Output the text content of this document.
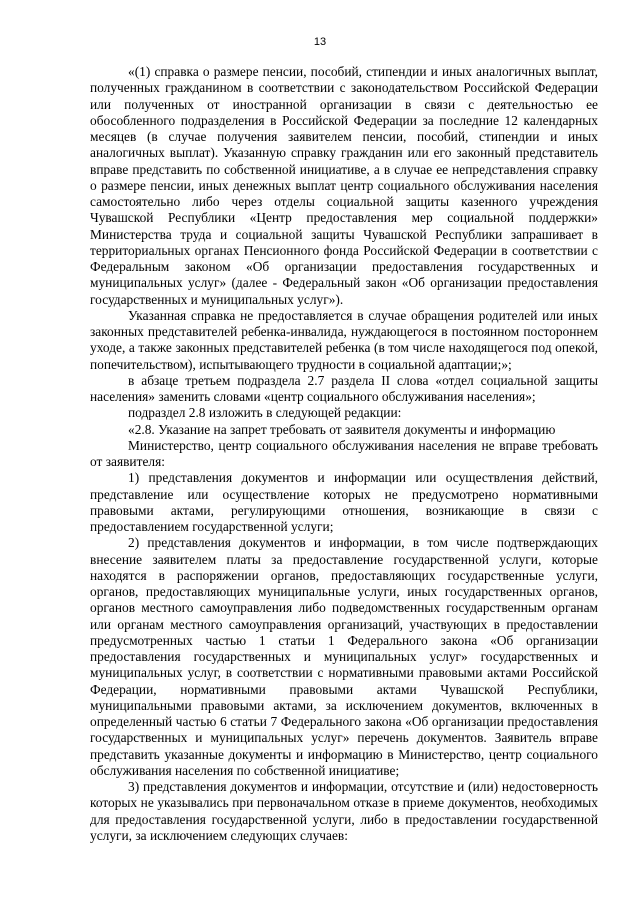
13

«(1) справка о размере пенсии, пособий, стипендии и иных аналогичных выплат, полученных гражданином в соответствии с законодательством Российской Федерации или полученных от иностранной организации в связи с деятельностью ее обособленного подразделения в Российской Федерации за последние 12 календарных месяцев (в случае получения заявителем пенсии, пособий, стипендии и иных аналогичных выплат). Указанную справку гражданин или его законный представитель вправе представить по собственной инициативе, а в случае ее непредставления справку о размере пенсии, иных денежных выплат центр социального обслуживания населения самостоятельно либо через отделы социальной защиты казенного учреждения Чувашской Республики «Центр предоставления мер социальной поддержки» Министерства труда и социальной защиты Чувашской Республики запрашивает в территориальных органах Пенсионного фонда Российской Федерации в соответствии с Федеральным законом «Об организации предоставления государственных и муниципальных услуг» (далее - Федеральный закон «Об организации предоставления государственных и муниципальных услуг»).

Указанная справка не предоставляется в случае обращения родителей или иных законных представителей ребенка-инвалида, нуждающегося в постоянном постороннем уходе, а также законных представителей ребенка (в том числе находящегося под опекой, попечительством), испытывающего трудности в социальной адаптации;»;

в абзаце третьем подраздела 2.7 раздела II слова «отдел социальной защиты населения» заменить словами «центр социального обслуживания населения»;

подраздел 2.8 изложить в следующей редакции:

«2.8. Указание на запрет требовать от заявителя документы и информацию

Министерство, центр социального обслуживания населения не вправе требовать от заявителя:

1) представления документов и информации или осуществления действий, представление или осуществление которых не предусмотрено нормативными правовыми актами, регулирующими отношения, возникающие в связи с предоставлением государственной услуги;

2) представления документов и информации, в том числе подтверждающих внесение заявителем платы за предоставление государственной услуги, которые находятся в распоряжении органов, предоставляющих государственные услуги, органов, предоставляющих муниципальные услуги, иных государственных органов, органов местного самоуправления либо подведомственных государственным органам или органам местного самоуправления организаций, участвующих в предоставлении предусмотренных частью 1 статьи 1 Федерального закона «Об организации предоставления государственных и муниципальных услуг» государственных и муниципальных услуг, в соответствии с нормативными правовыми актами Российской Федерации, нормативными правовыми актами Чувашской Республики, муниципальными правовыми актами, за исключением документов, включенных в определенный частью 6 статьи 7 Федерального закона «Об организации предоставления государственных и муниципальных услуг» перечень документов. Заявитель вправе представить указанные документы и информацию в Министерство, центр социального обслуживания населения по собственной инициативе;

3) представления документов и информации, отсутствие и (или) недостоверность которых не указывались при первоначальном отказе в приеме документов, необходимых для предоставления государственной услуги, либо в предоставлении государственной услуги, за исключением следующих случаев:
